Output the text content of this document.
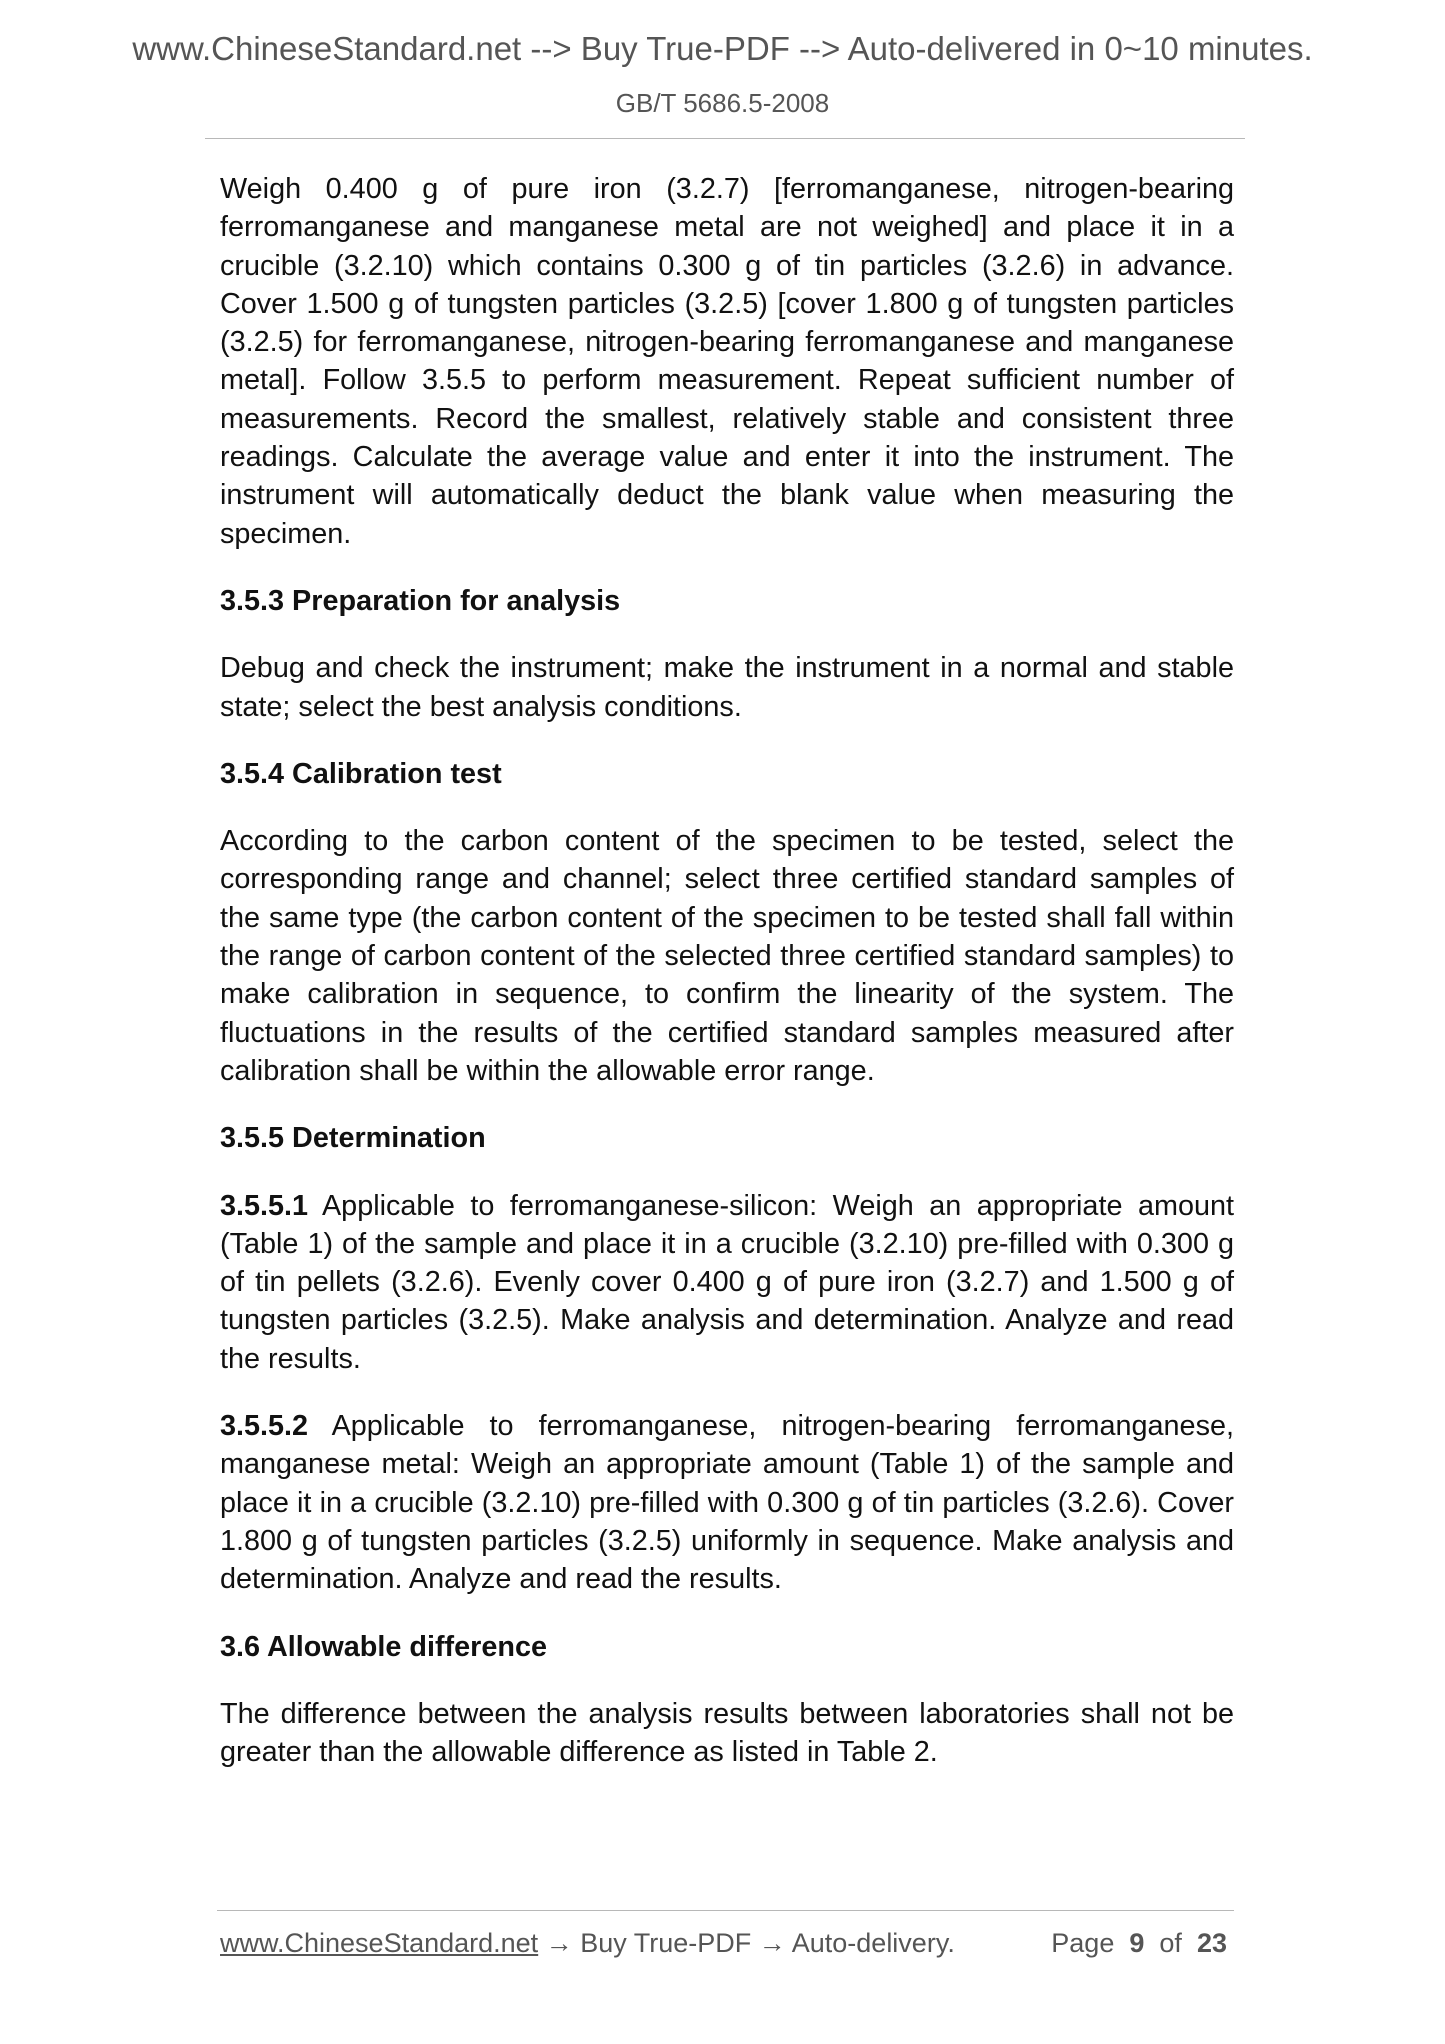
www.ChineseStandard.net --> Buy True-PDF --> Auto-delivered in 0~10 minutes.
GB/T 5686.5-2008

Weigh 0.400 g of pure iron (3.2.7) [ferromanganese, nitrogen-bearing ferromanganese and manganese metal are not weighed] and place it in a crucible (3.2.10) which contains 0.300 g of tin particles (3.2.6) in advance. Cover 1.500 g of tungsten particles (3.2.5) [cover 1.800 g of tungsten particles (3.2.5) for ferromanganese, nitrogen-bearing ferromanganese and manganese metal]. Follow 3.5.5 to perform measurement. Repeat sufficient number of measurements. Record the smallest, relatively stable and consistent three readings. Calculate the average value and enter it into the instrument. The instrument will automatically deduct the blank value when measuring the specimen.

3.5.3 Preparation for analysis

Debug and check the instrument; make the instrument in a normal and stable state; select the best analysis conditions.

3.5.4 Calibration test

According to the carbon content of the specimen to be tested, select the corresponding range and channel; select three certified standard samples of the same type (the carbon content of the specimen to be tested shall fall within the range of carbon content of the selected three certified standard samples) to make calibration in sequence, to confirm the linearity of the system. The fluctuations in the results of the certified standard samples measured after calibration shall be within the allowable error range.

3.5.5 Determination

3.5.5.1 Applicable to ferromanganese-silicon: Weigh an appropriate amount (Table 1) of the sample and place it in a crucible (3.2.10) pre-filled with 0.300 g of tin pellets (3.2.6). Evenly cover 0.400 g of pure iron (3.2.7) and 1.500 g of tungsten particles (3.2.5). Make analysis and determination. Analyze and read the results.

3.5.5.2 Applicable to ferromanganese, nitrogen-bearing ferromanganese, manganese metal: Weigh an appropriate amount (Table 1) of the sample and place it in a crucible (3.2.10) pre-filled with 0.300 g of tin particles (3.2.6). Cover 1.800 g of tungsten particles (3.2.5) uniformly in sequence. Make analysis and determination. Analyze and read the results.

3.6 Allowable difference

The difference between the analysis results between laboratories shall not be greater than the allowable difference as listed in Table 2.

www.ChineseStandard.net → Buy True-PDF → Auto-delivery.	Page 9 of 23
